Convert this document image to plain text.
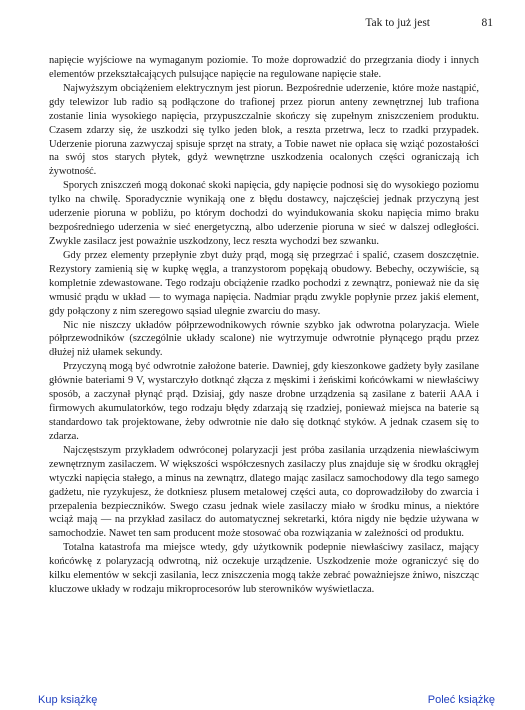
Tak to już jest	81

napięcie wyjściowe na wymaganym poziomie. To może doprowadzić do przegrzania diody i innych elementów przekształcających pulsujące napięcie na regulowane napięcie stałe.

Najwyższym obciążeniem elektrycznym jest piorun. Bezpośrednie uderzenie, które może nastąpić, gdy telewizor lub radio są podłączone do trafionej przez piorun anteny zewnętrznej lub trafiona zostanie linia wysokiego napięcia, przypuszczalnie skończy się zupełnym zniszczeniem produktu. Czasem zdarzy się, że uszkodzi się tylko jeden blok, a reszta przetrwa, lecz to rzadki przypadek. Uderzenie pioruna zazwyczaj spisuje sprzęt na straty, a Tobie nawet nie opłaca się wziąć pozostałości na swój stos starych płytek, gdyż wewnętrzne uszkodzenia ocalonych części ograniczają ich żywotność.

Sporych zniszczeń mogą dokonać skoki napięcia, gdy napięcie podnosi się do wysokiego poziomu tylko na chwilę. Sporadycznie wynikają one z błędu dostawcy, najczęściej jednak przyczyną jest uderzenie pioruna w pobliżu, po którym dochodzi do wyindukowania skoku napięcia mimo braku bezpośredniego uderzenia w sieć energetyczną, albo uderzenie pioruna w sieć w dalszej odległości. Zwykle zasilacz jest poważnie uszkodzony, lecz reszta wychodzi bez szwanku.

Gdy przez elementy przepłynie zbyt duży prąd, mogą się przegrzać i spalić, czasem doszczętnie. Rezystory zamienią się w kupkę węgla, a tranzystorom popękają obudowy. Bebechy, oczywiście, są kompletnie zdewastowane. Tego rodzaju obciążenie rzadko pochodzi z zewnątrz, ponieważ nie da się wmusić prądu w układ — to wymaga napięcia. Nadmiar prądu zwykle popłynie przez jakiś element, gdy połączony z nim szeregowo sąsiad ulegnie zwarciu do masy.

Nic nie niszczy układów półprzewodnikowych równie szybko jak odwrotna polaryzacja. Wiele półprzewodników (szczególnie układy scalone) nie wytrzymuje odwrotnie płynącego prądu przez dłużej niż ułamek sekundy.

Przyczyną mogą być odwrotnie założone baterie. Dawniej, gdy kieszonkowe gadżety były zasilane głównie bateriami 9 V, wystarczyło dotknąć złącza z męskimi i żeńskimi końcówkami w niewłaściwy sposób, a zaczynał płynąć prąd. Dzisiaj, gdy nasze drobne urządzenia są zasilane z baterii AAA i firmowych akumulatorków, tego rodzaju błędy zdarzają się rzadziej, ponieważ miejsca na baterie są standardowo tak projektowane, żeby odwrotnie nie dało się dotknąć styków. A jednak czasem się to zdarza.

Najczęstszym przykładem odwróconej polaryzacji jest próba zasilania urządzenia niewłaściwym zewnętrznym zasilaczem. W większości współczesnych zasilaczy plus znajduje się w środku okrągłej wtyczki napięcia stałego, a minus na zewnątrz, dlatego mając zasilacz samochodowy dla tego samego gadżetu, nie ryzykujesz, że dotkniesz plusem metalowej części auta, co doprowadziłoby do zwarcia i przepalenia bezpieczników. Swego czasu jednak wiele zasilaczy miało w środku minus, a niektóre wciąż mają — na przykład zasilacz do automatycznej sekretarki, która nigdy nie będzie używana w samochodzie. Nawet ten sam producent może stosować oba rozwiązania w zależności od produktu.

Totalna katastrofa ma miejsce wtedy, gdy użytkownik podepnie niewłaściwy zasilacz, mający końcówkę z polaryzacją odwrotną, niż oczekuje urządzenie. Uszkodzenie może ograniczyć się do kilku elementów w sekcji zasilania, lecz zniszczenia mogą także zebrać poważniejsze żniwo, niszcząc kluczowe układy w rodzaju mikroprocesorów lub sterowników wyświetlacza.

Kup książkę	Poleć książkę
